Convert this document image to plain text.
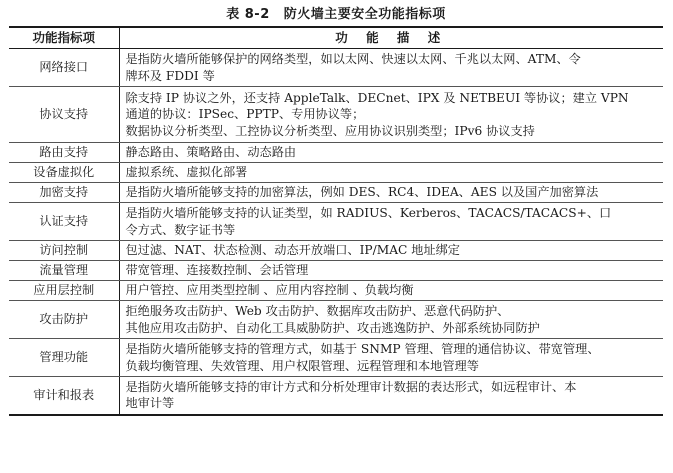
表 8-2 防火墙主要安全功能指标项
功能指标项	功 能 描 述
网络接口	是指防火墙所能够保护的网络类型，如以太网、快速以太网、千兆以太网、ATM、令
牌环及 FDDI 等

协议支持	除支持 IP 协议之外，还支持 AppleTalk、DECnet、IPX 及 NETBEUI 等协议；建立 VPN
通道的协议：IPSec、PPTP、专用协议等；
数据协议分析类型、工控协议分析类型、应用协议识别类型；IPv6 协议支持

路由支持	静态路由、策略路由、动态路由

设备虚拟化	虚拟系统、虚拟化部署

加密支持	是指防火墙所能够支持的加密算法，例如 DES、RC4、IDEA、AES 以及国产加密算法

认证支持	是指防火墙所能够支持的认证类型，如 RADIUS、Kerberos、TACACS/TACACS+、口
令方式、数字证书等

访问控制	包过滤、NAT、状态检测、动态开放端口、IP/MAC 地址绑定

流量管理	带宽管理、连接数控制、会话管理

应用层控制	用户管控、应用类型控制 、应用内容控制 、负载均衡

攻击防护	拒绝服务攻击防护、Web 攻击防护、数据库攻击防护、恶意代码防护、
其他应用攻击防护、自动化工具威胁防护、攻击逃逸防护、外部系统协同防护

管理功能	是指防火墙所能够支持的管理方式，如基于 SNMP 管理、管理的通信协议、带宽管理、
负载均衡管理、失效管理、用户权限管理、远程管理和本地管理等

审计和报表	是指防火墙所能够支持的审计方式和分析处理审计数据的表达形式，如远程审计、本
地审计等
